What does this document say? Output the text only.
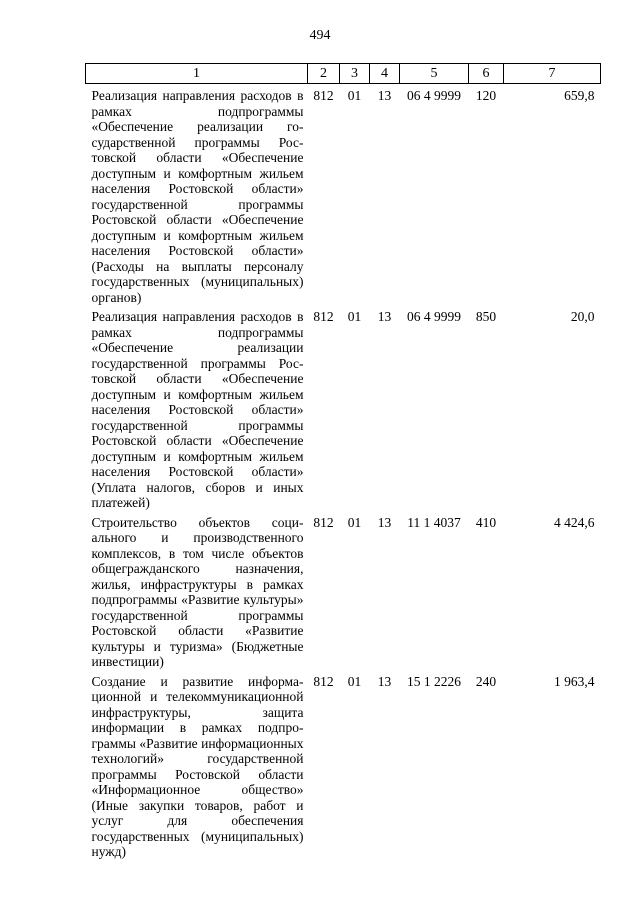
494
1	2	3	4	5	6	7
Реализация направления расходов в рамках подпрограммы «Обеспечение реализации государственной программы Ростовской области «Обеспечение доступным и комфортным жильем населения Ростовской области» государственной программы Ростовской области «Обеспечение доступным и комфортным жильем населения Ростовской области» (Расходы на выплаты персоналу государственных (муниципальных) органов)	812	01	13	06 4 9999	120	659,8
Реализация направления расходов в рамках подпрограммы «Обеспечение реализации государственной программы Ростовской области «Обеспечение доступным и комфортным жильем населения Ростовской области» государственной программы Ростовской области «Обеспечение доступным и комфортным жильем населения Ростовской области» (Уплата налогов, сборов и иных платежей)	812	01	13	06 4 9999	850	20,0
Строительство объектов социального и производственного комплексов, в том числе объектов общегражданского назначения, жилья, инфраструктуры в рамках подпрограммы «Развитие культуры» государственной программы Ростовской области «Развитие культуры и туризма» (Бюджетные инвестиции)	812	01	13	11 1 4037	410	4 424,6
Создание и развитие информационной и телекоммуникационной инфраструктуры, защита информации в рамках подпрограммы «Развитие информационных технологий» государственной программы Ростовской области «Информационное общество» (Иные закупки товаров, работ и услуг для обеспечения государственных (муниципальных) нужд)	812	01	13	15 1 2226	240	1 963,4
